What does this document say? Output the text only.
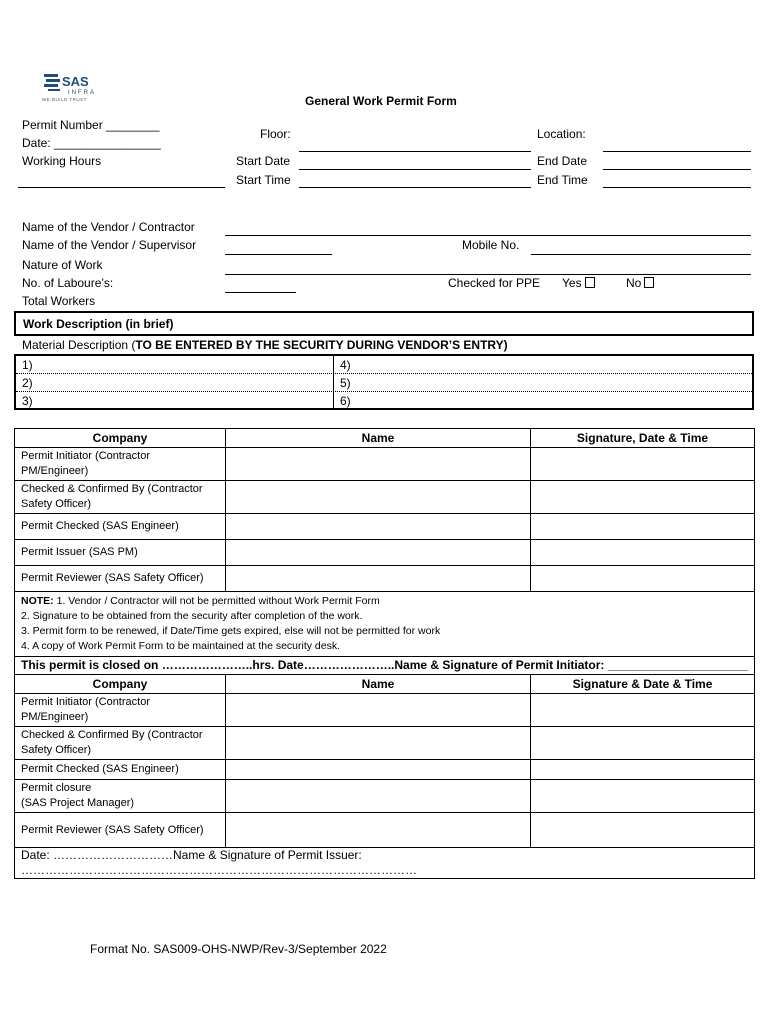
SAS
INFRA
WE BUILD TRUST	General Work Permit Form
Permit Number ________
Date: ________________
Working Hours
Floor:	Location:
Start Date	End Date
Start Time	End Time
Name of the Vendor / Contractor
Name of the Vendor / Supervisor	Mobile No.
Nature of Work
No. of Laboure’s:	Checked for PPE Yes	No
Total Workers
Work Description (in brief)
Material Description (TO BE ENTERED BY THE SECURITY DURING VENDOR’S ENTRY)
1)	4)
2)	5)
3)	6)
Company	Name	Signature, Date & Time
Permit Initiator (Contractor PM/Engineer)		
Checked & Confirmed By (Contractor Safety Officer)		
Permit Checked (SAS Engineer)		
Permit Issuer (SAS PM)		
Permit Reviewer (SAS Safety Officer)		

NOTE: 1. Vendor / Contractor will not be permitted without Work Permit Form
2. Signature to be obtained from the security after completion of the work.
3. Permit form to be renewed, if Date/Time gets expired, else will not be permitted for work
4. A copy of Work Permit Form to be maintained at the security desk.		

This permit is closed on …………………..hrs. Date…………………..Name & Signature of Permit Initiator: _____________________		
Company	Name	Signature & Date & Time
Permit Initiator (Contractor PM/Engineer)		
Checked & Confirmed By (Contractor Safety Officer)		
Permit Checked (SAS Engineer)		
Permit closure
(SAS Project Manager)		
Permit Reviewer (SAS Safety Officer)		
Date: …………………………Name & Signature of Permit Issuer: ………………………………………………………………………………………		
Format No. SAS009-OHS-NWP/Rev-3/September 2022
